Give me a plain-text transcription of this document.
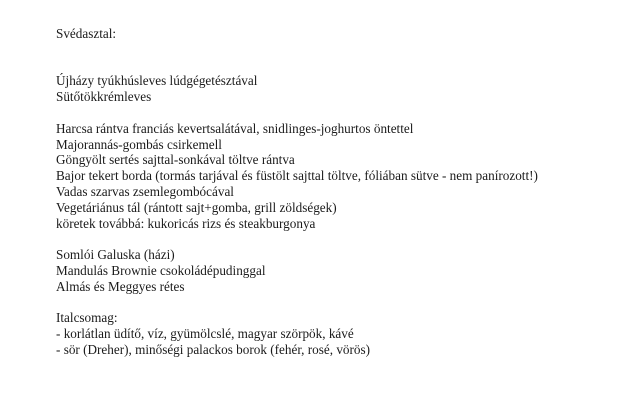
Svédasztal:
Újházy tyúkhúsleves lúdgégetésztával
Sütőtökkrémleves
Harcsa rántva franciás kevertsalátával, snidlinges-joghurtos öntettel
Majorannás-gombás csirkemell
Göngyölt sertés sajttal-sonkával töltve rántva
Bajor tekert borda (tormás tarjával és füstölt sajttal töltve, fóliában sütve - nem panírozott!)
Vadas szarvas zsemlegombócával
Vegetáriánus tál (rántott sajt+gomba, grill zöldségek)
köretek továbbá: kukoricás rizs és steakburgonya
Somlói Galuska (házi)
Mandulás Brownie csokoládépudinggal
Almás és Meggyes rétes
Italcsomag:
- korlátlan üdítő, víz, gyümölcslé, magyar szörpök, kávé
- sör (Dreher), minőségi palackos borok (fehér, rosé, vörös)
